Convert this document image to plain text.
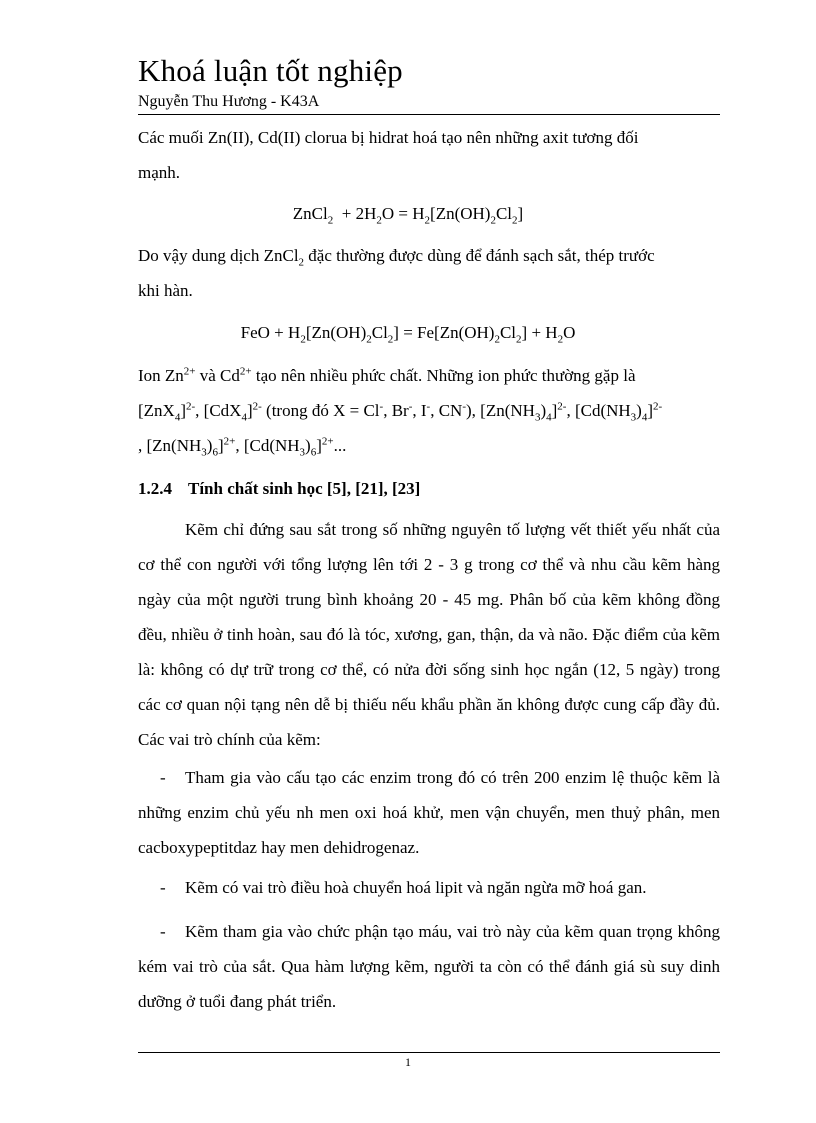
Khoá luận tốt nghiệp
Nguyễn Thu Hương - K43A

Các muối Zn(II), Cd(II) clorua bị hidrat hoá tạo nên những axit tương đối
mạnh.

ZnCl$_2$  + $2H_2O = H_2[Zn(OH)_2Cl_2]$

Do vậy dung dịch ZnCl$_2$ đặc thường được dùng để đánh sạch sắt, thép trước
khi hàn.

FeO + $H_2[Zn(OH)_2Cl_2] = Fe[Zn(OH)_2Cl_2] + H_2O$

Ion $Zn^{2+}$ và $Cd^{2+}$ tạo nên nhiều phức chất. Những ion phức thường gặp là
$[ZnX_4]^{2-}$, $[CdX_4]^{2-}$ (trong đó X = Cl-, Br-, I-, CN-), $[Zn(NH_3)_4]^{2-}$, $[Cd(NH_3)_4]^{2-}$
, $[Zn(NH_3)_6]^{2+}$, $[Cd(NH_3)_6]^{2+}$...

1.2.4 Tính chất sinh học [5], [21], [23]

Kẽm chỉ đứng sau sắt trong số những nguyên tố lượng vết thiết yếu nhất của cơ thể con người với tổng lượng lên tới 2 - 3 g trong cơ thể và nhu cầu kẽm hàng ngày của một người trung bình khoảng 20 - 45 mg. Phân bố của kẽm không đồng đều, nhiều ở tinh hoàn, sau đó là tóc, xương, gan, thận, da và não. Đặc điểm của kẽm là: không có dự trữ trong cơ thể, có nửa đời sống sinh học ngắn (12, 5 ngày) trong các cơ quan nội tạng nên dễ bị thiếu nếu khẩu phần ăn không được cung cấp đầy đủ. Các vai trò chính của kẽm:

- Tham gia vào cấu tạo các enzim trong đó có trên 200 enzim lệ thuộc kẽm là những enzim chủ yếu nh men oxi hoá khử, men vận chuyển, men thuỷ phân, men cacboxypeptitdaz hay men dehidrogenaz.

- Kẽm có vai trò điều hoà chuyển hoá lipit và ngăn ngừa mỡ hoá gan.

- Kẽm tham gia vào chức phận tạo máu, vai trò này của kẽm quan trọng không kém vai trò của sắt. Qua hàm lượng kẽm, người ta còn có thể đánh giá sù suy dinh dưỡng ở tuổi đang phát triển.

1
